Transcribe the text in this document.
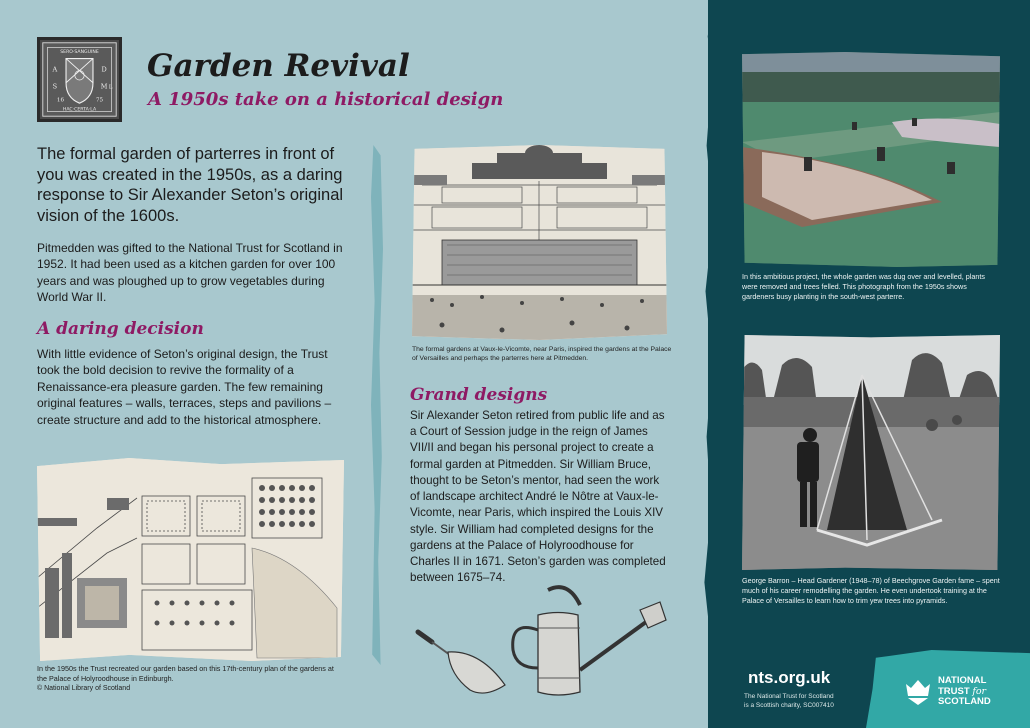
SERO·SANGUINE
HAC·CERTA·LA
A
S	M L
D
16	75
Garden Revival
A 1950s take on a historical design
The formal garden of parterres in front of you was created in the 1950s, as a daring response to Sir Alexander Seton’s original vision of the 1600s.
Pitmedden was gifted to the National Trust for Scotland in 1952. It had been used as a kitchen garden for over 100 years and was ploughed up to grow vegetables during World War II.
A daring decision
With little evidence of Seton’s original design, the Trust took the bold decision to revive the formality of a Renaissance-era pleasure garden. The few remaining original features – walls, terraces, steps and pavilions – create structure and add to the historical atmosphere.
In the 1950s the Trust recreated our garden based on this 17th-century plan of the gardens at the Palace of Holyroodhouse in Edinburgh.
© National Library of Scotland
The formal gardens at Vaux-le-Vicomte, near Paris, inspired the gardens at the Palace of Versailles and perhaps the parterres here at Pitmedden.
Grand designs
Sir Alexander Seton retired from public life and as a Court of Session judge in the reign of James VII/II and began his personal project to create a formal garden at Pitmedden. Sir William Bruce, thought to be Seton’s mentor, had seen the work of landscape architect André le Nôtre at Vaux-le-Vicomte, near Paris, which inspired the Louis XIV style. Sir William had completed designs for the gardens at the Palace of Holyroodhouse for Charles II in 1671. Seton’s garden was completed between 1675–74.
In this ambitious project, the whole garden was dug over and levelled, plants were removed and trees felled. This photograph from the 1950s shows gardeners busy planting in the south-west parterre.
George Barron – Head Gardener (1948–78) of Beechgrove Garden fame – spent much of his career remodelling the garden. He even undertook training at the Palace of Versailles to learn how to trim yew trees into pyramids.
nts.org.uk
The National Trust for Scotland
is a Scottish charity, SC007410
NATIONAL
TRUST for
SCOTLAND
